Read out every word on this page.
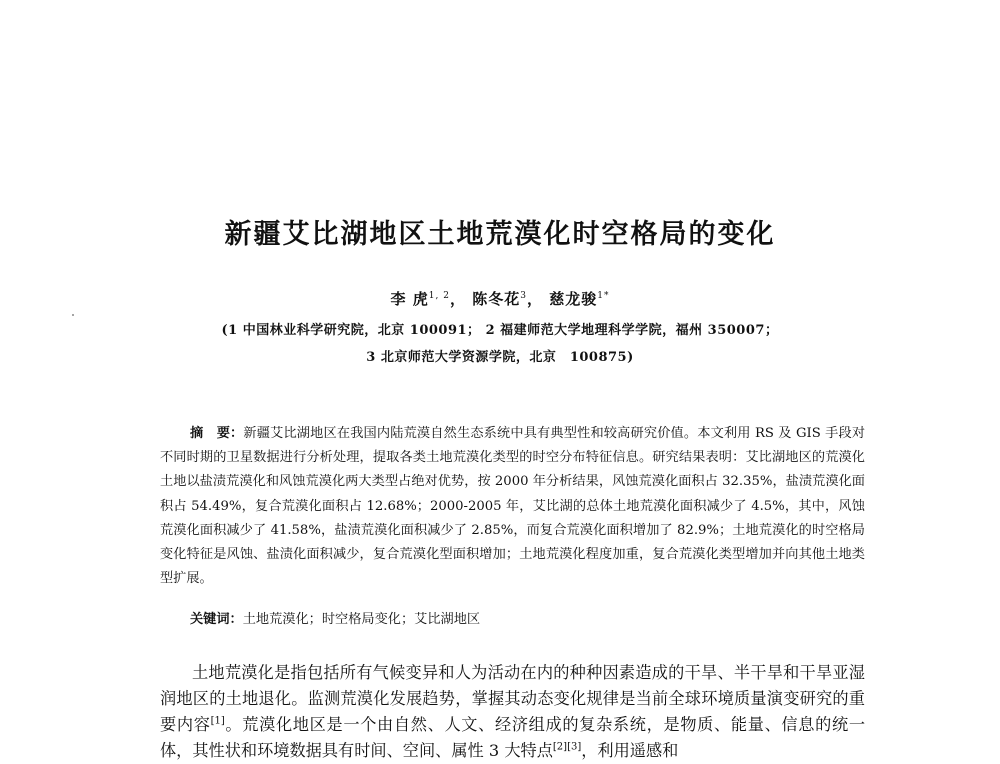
新疆艾比湖地区土地荒漠化时空格局的变化
李 虎$^{1, 2}$， 陈冬花$^3$， 慈龙骏$^{1*}$
(1 中国林业科学研究院，北京 100091； 2 福建师范大学地理科学学院，福州 350007；
3 北京师范大学资源学院，北京　100875)
摘　要：新疆艾比湖地区在我国内陆荒漠自然生态系统中具有典型性和较高研究价值。本文利用 RS 及 GIS 手段对不同时期的卫星数据进行分析处理，提取各类土地荒漠化类型的时空分布特征信息。研究结果表明：艾比湖地区的荒漠化土地以盐渍荒漠化和风蚀荒漠化两大类型占绝对优势，按 2000 年分析结果，风蚀荒漠化面积占 32.35%，盐渍荒漠化面积占 54.49%，复合荒漠化面积占 12.68%；2000-2005 年，艾比湖的总体土地荒漠化面积减少了 4.5%，其中，风蚀荒漠化面积减少了 41.58%，盐渍荒漠化面积减少了 2.85%，而复合荒漠化面积增加了 82.9%；土地荒漠化的时空格局变化特征是风蚀、盐渍化面积减少，复合荒漠化型面积增加；土地荒漠化程度加重，复合荒漠化类型增加并向其他土地类型扩展。
关键词：土地荒漠化；时空格局变化；艾比湖地区
土地荒漠化是指包括所有气候变异和人为活动在内的种种因素造成的干旱、半干旱和干旱亚湿润地区的土地退化。监测荒漠化发展趋势，掌握其动态变化规律是当前全球环境质量演变研究的重要内容[1]。荒漠化地区是一个由自然、人文、经济组成的复杂系统，是物质、能量、信息的统一体，其性状和环境数据具有时间、空间、属性 3 大特点[2][3]，利用遥感和
